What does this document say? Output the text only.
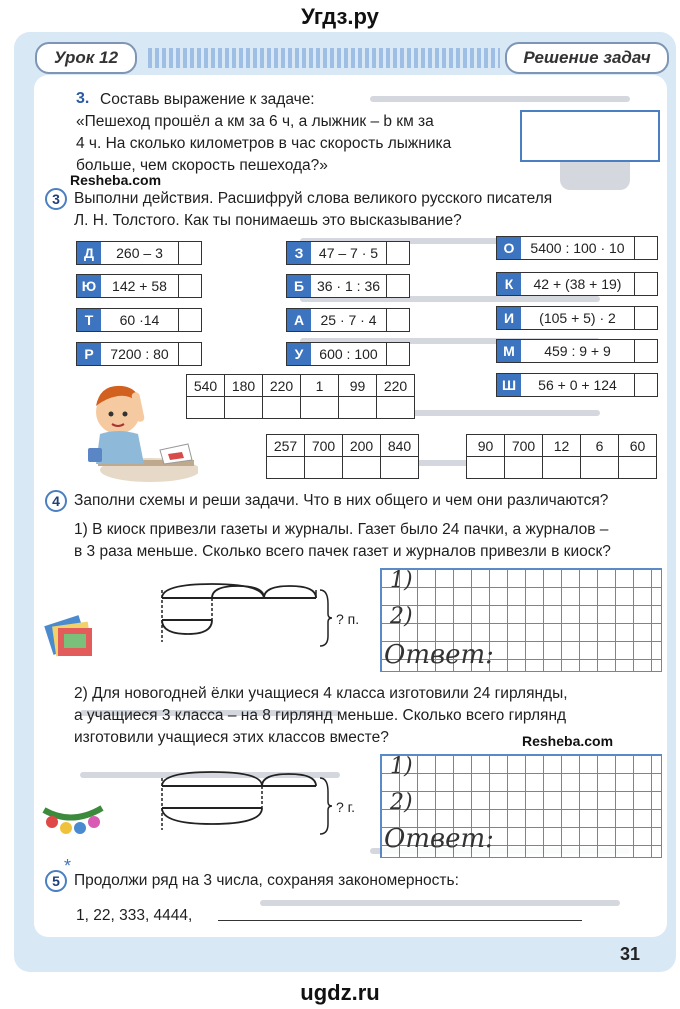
Угдз.ру
Урок 12	Решение задач
3. Составь выражение к задаче:
«Пешеход прошёл a км за 6 ч, а лыжник – b км за
4 ч. На сколько километров в час скорость лыжника
больше, чем скорость пешехода?»
Resheba.com
3 Выполни действия. Расшифруй слова великого русского писателя
Л. Н. Толстого. Как ты понимаешь это высказывание?
Д	260 – 3
Ю	142 + 58
Т	60 ·14
Р	7200 : 80
З	47 – 7 · 5
Б 36 · 1 : 36
А	25 · 7 · 4
У	600 : 100
О	5400 : 100 · 10
К	42 + (38 + 19)
И	(105 + 5) · 2
М	459 : 9 + 9
Ш	56 + 0 + 124
540	180	220	1	99	220

257	700	200	840
				90	700	12	6	60

4 Заполни схемы и реши задачи. Что в них общего и чем они различаются?
1) В киоск привезли газеты и журналы. Газет было 24 пачки, а журналов –
в 3 раза меньше. Сколько всего пачек газет и журналов привезли в киоск?
? п.
1)
2)
Ответ:
2) Для новогодней ёлки учащиеся 4 класса изготовили 24 гирлянды,
а учащиеся 3 класса – на 8 гирлянд меньше. Сколько всего гирлянд
изготовили учащиеся этих классов вместе?	Resheba.com
? г.
1)
2)
Ответ:
*
5 Продолжи ряд на 3 числа, сохраняя закономерность:
1, 22, 333, 4444,
31
ugdz.ru
